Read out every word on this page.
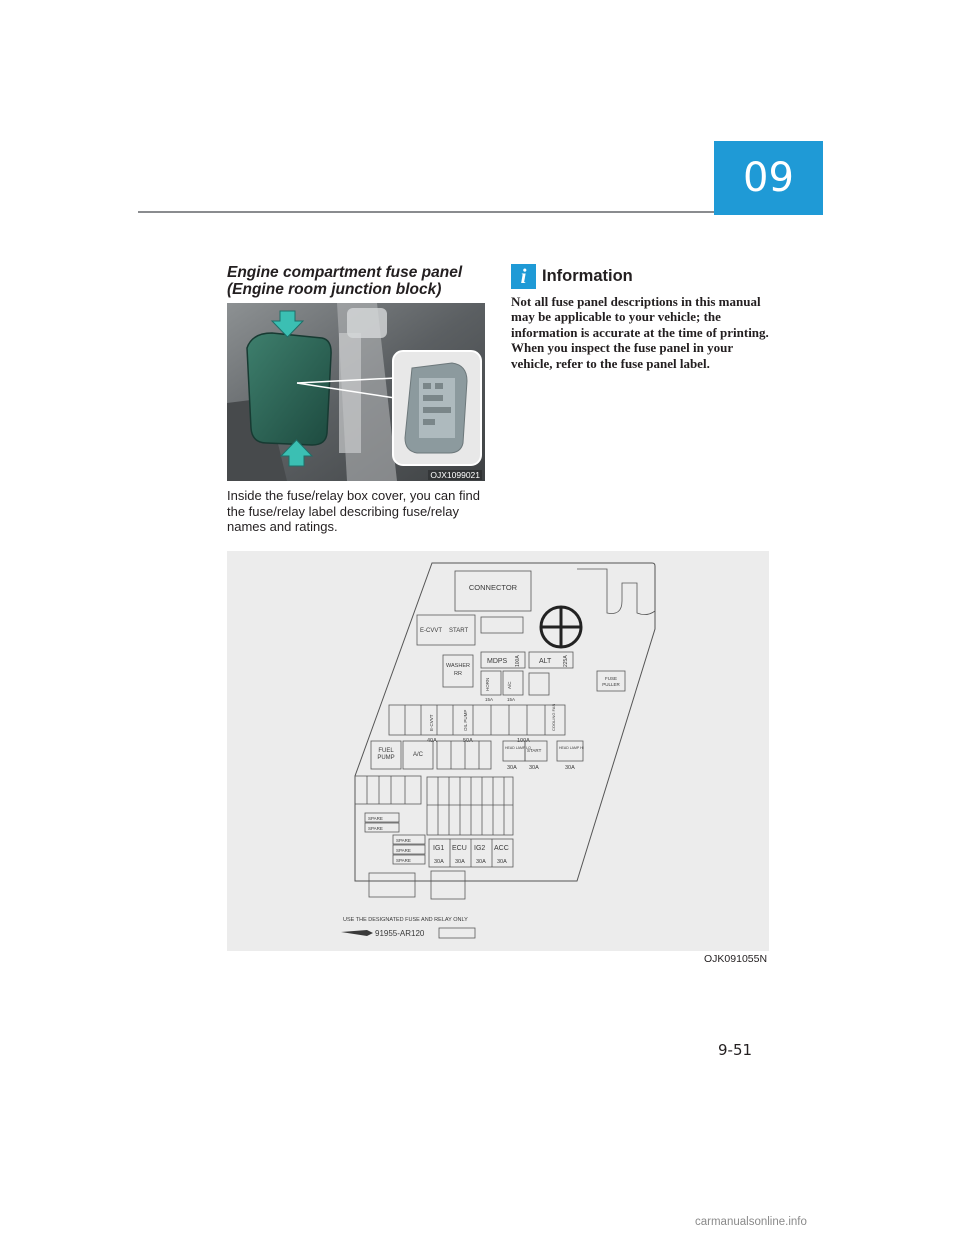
09
Engine compartment fuse panel
(Engine room junction block)
OJX1099021

Inside the fuse/relay box cover, you can find the fuse/relay label describing fuse/relay names and ratings.

i Information

Not all fuse panel descriptions in this manual may be applicable to your vehicle; the information is accurate at the time of printing. When you inspect the fuse panel in your vehicle, refer to the fuse panel label.

CONNECTOR
E-CVVT START
WASHER
RR
MDPS 100A	ALT 225A
HORN	A/C
15A	15A
FUSE
PULLER
E-CVVT	OIL PUMP	COOLING FAN
40A	50A	100A
FUEL
PUMP	A/C
HEAD LAMP LO
START	HEAD LAMP HI
30A 30A	30A
SPARE
SPARE
SPARE
SPARE
SPARE
IG1 ECU IG2 ACC
30A 30A 30A 30A
USE THE DESIGNATED FUSE AND RELAY ONLY
91955-AR120
OJK091055N
9-51
carmanualsonline.info
